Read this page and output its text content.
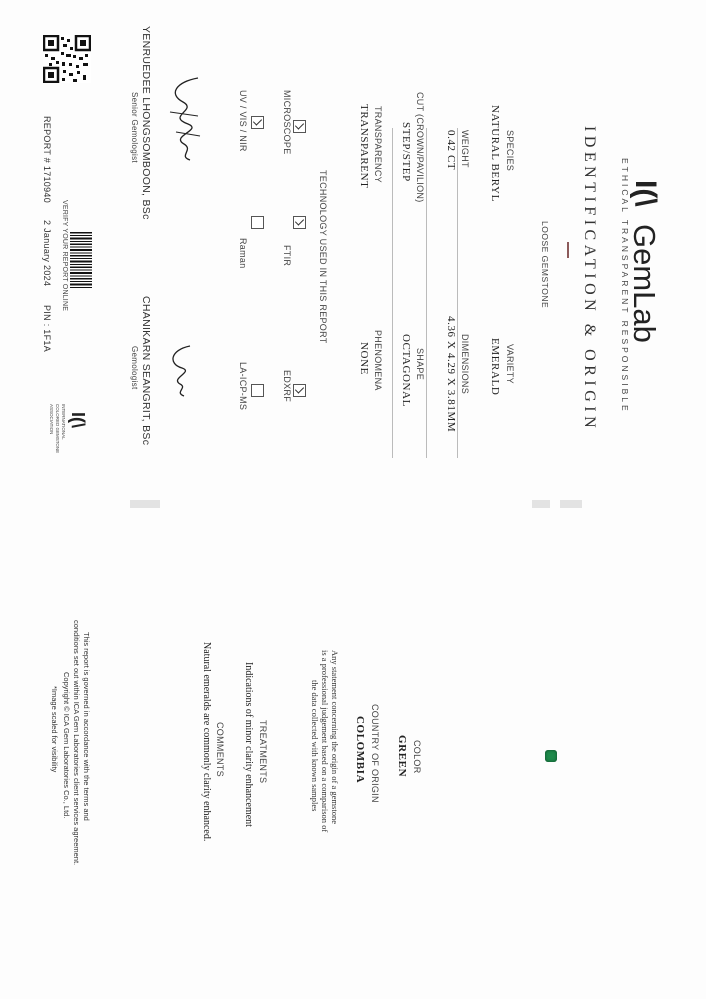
I(\
GemLab
ETHICAL TRANSPARENT RESPONSIBLE
IDENTIFICATION & ORIGIN
LOOSE GEMSTONE
SPECIES
NATURAL BERYL
VARIETY
EMERALD
WEIGHT
0.42 CT
DIMENSIONS
4.36 X 4.29 X 3.81MM
CUT (CROWN/PAVILION)
STEP/STEP
SHAPE
OCTAGONAL
TRANSPARENCY
TRANSPARENT
PHENOMENA
NONE
TECHNOLOGY USED IN THIS REPORT
MICROSCOPE
FTIR
EDXRF
UV / VIS / NIR
Raman
LA-ICP-MS
YENRUEDEE LHONGSOMBOON, BSc
Senior Gemologist
CHANIKARN SEANGRIT, BSc
Gemologist
REPORT # 1710940
2 January 2024
PIN : 1F1A
VERIFY YOUR REPORT ONLINE
I(\
INTERNATIONAL
COLORED GEMSTONE
ASSOCIATION
COLOR
GREEN
COUNTRY OF ORIGIN
COLOMBIA
Any statement concerning the origin of a gemstone
is a professional judgement based on a comparison of
the data collected with known samples
TREATMENTS
Indications of minor clarity enhancement
COMMENTS
Natural emeralds are commonly clarity enhanced.
This report is governed in accordance with the terms and
conditions set out within ICA Gem Laboratories client services agreement.
Copyright © ICA Gem Laboratories Co., Ltd.
*Image scaled for visibility
